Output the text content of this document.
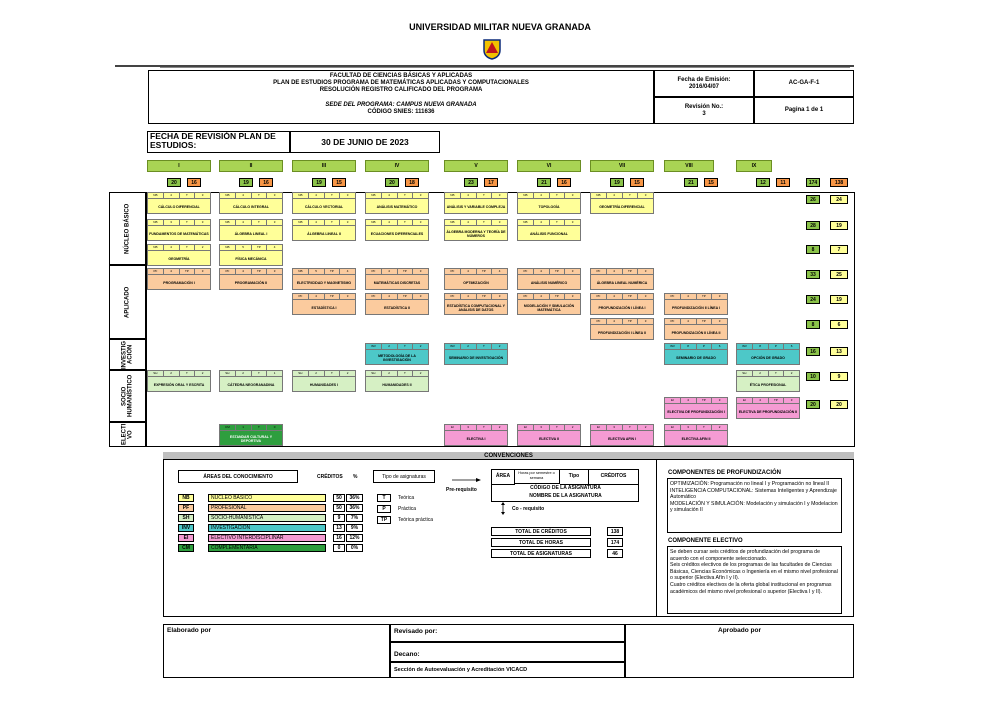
UNIVERSIDAD MILITAR NUEVA GRANADA
FACULTAD DE CIENCIAS BÁSICAS Y APLICADAS
PLAN DE ESTUDIOS PROGRAMA DE MATEMÁTICAS APLICADAS Y COMPUTACIONALES
RESOLUCIÓN REGISTRO CALIFICADO DEL PROGRAMA
SEDE DEL PROGRAMA: CAMPUS NUEVA GRANADA
CÓDIGO SNIES: 111636
Fecha de Emisión:
2016/04/07
AC-GA-F-1
Revisión No.:
3
Pagina 1 de 1
FECHA DE REVISIÓN PLAN DE ESTUDIOS:	30 DE JUNIO DE 2023
CONVENCIONES
ÁREAS DEL CONOCIMIENTO	CRÉDITOS %	Tipo de asignaturas
Pre-requisito
ÁREA	Horas por semestre o semana	Tipo	CRÉDITOS
CÓDIGO DE LA ASIGNATURA
NOMBRE DE LA ASIGNATURA
Co - requisito
COMPONENTES DE PROFUNDIZACIÓN
OPTIMIZACIÓN: Programación no lineal I y Programación no lineal II
INTELIGENCIA COMPUTACIONAL: Sistemas Inteligentes y Aprendizaje Automático
MODELACIÓN Y SIMULACIÓN: Modelación y simulación I y Modelacion y simulación II
COMPONENTE ELECTIVO
Se deben cursar seis créditos de profundización del programa de acuerdo con el componente seleccionado.
Seis créditos electivos de los programas de las facultades de Ciencias Básicas, Ciencias Económicas o Ingeniería en el mismo nivel profesional o superior (Electiva Afín I y II).
Cuatro créditos electivos de la oferta global institucional en programas académicos del mismo nivel profesional o superior (Electiva I y II).
Elaborado por	Revisado por:
Decano:
Sección de Autoevaluación y Acreditación VICACD
Aprobado por
I
20	16
II
19	16
III
19	15
IV
20	18
V
23	17
VI
21	16
VII
19	15
VIII
21	15
IX
12	11	174	138
NÚCLEO BÁSICO
APLICADO
INVESTIG ACIÓN
SOCIO HUMANÍSTICO
ELECTI VO
NB	4	T	3
CÁLCULO DIFERENCIAL
NB	4	T	3
CÁLCULO INTEGRAL
NB	4	T	3
CÁLCULO VECTORIAL
NB	4	T	3
ANÁLISIS MATEMÁTICO
NB	4	T	3
ANÁLISIS Y VARIABLE COMPLEJA
NB	4	T	3
TOPOLOGÍA
NB	4	T	3
GEOMETRÍA DIFERENCIAL
NB	3	T	3
FUNDAMENTOS DE MATEMÁTICAS
NB	4	T	3
ÁLGEBRA LINEAL I
NB	4	T	3
ÁLGEBRA LINEAL II
NB	4	T	3
ECUACIONES DIFERENCIALES
NB	4	T	3
ÁLGEBRA MODERNA Y TEORÍA DE NÚMEROS
NB	4	T	3
ANÁLISIS FUNCIONAL
NB	4	T	2
GEOMETRÍA
NB	5	TP	4
FÍSICA MECÁNICA
PF	4	TP	3
PROGRAMACIÓN I
PF	4	TP	3
PROGRAMACIÓN II
NB	5	TP	4
ELECTRICIDAD Y MAGNETISMO
PF	4	TP	3
MATEMÁTICAS DISCRETAS
PF	4	TP	4
OPTIMIZACIÓN
PF	4	TP	3
ANÁLISIS NUMÉRICO
PF	4	TP	3
ÁLGEBRA LINEAL NUMÉRICA
PF	4	TP	3
ESTADÍSTICA I
PF	4	TP	3
ESTADÍSTICA II
PF	4	TP	3
ESTADÍSTICA COMPUTACIONAL Y ANÁLISIS DE DATOS
PF	4	TP	3
MODELACIÓN Y SIMULACIÓN MATEMÁTICA
PF	4	TP	3
PROFUNDIZACIÓN I LÍNEA I
PF	4	TP	3
PROFUNDIZACIÓN II LÍNEA I
PF	4	TP	3
PROFUNDIZACIÓN I LÍNEA II
PF	4	TP	3
PROFUNDIZACIÓN II LÍNEA II
INV	2	T	2
METODOLOGÍA DE LA INVESTIGACIÓN
INV	2	T	2
SEMINARIO DE INVESTIGACIÓN
INV	8	P	6
SEMINARIO DE GRADO
INV	8	P	6
OPCIÓN DE GRADO
SH	2	T	2
EXPRESIÓN ORAL Y ESCRITA
SH	2	T	1
CÁTEDRA NEOGRANADINA
SH	2	T	2
HUMANIDADES I
SH	2	T	2
HUMANIDADES II
SH	2	T	2
ÉTICA PROFESIONAL
EI	4	TP	3
ELECTIVA DE PROFUNDIZACIÓN I
EI	4	TP	3
ELECTIVA DE PROFUNDIZACIÓN II
CM	1	T	0
ESTANDAR CULTURAL Y DEPORTIVA
EI	3	T	2
ELECTIVA I
EI	3	T	2
ELECTIVA II
EI	3	T	2
ELECTIVA AFIN I
EI	3	T	2
ELECTIVA AFIN II
26	24
28	19
8	7
33	25
24	19
8	6
16	13
10	9
20	20
NB	NÚCLEO BÁSICO	50	36%
PF	PROFESIONAL	50	36%
SH	SOCIO-HUMANÍSTICA	9	7%
INV	INVESTIGACIÓN	13	9%
EI	ELECTIVO INTERDISCIPLINAR	16	12%
CM	COMPLEMENTARIA	0	0%
T	Teórica
P	Práctica
TP	Teórica práctica
TOTAL DE CRÉDITOS	138
TOTAL DE HORAS	174
TOTAL DE ASIGNATURAS	46
